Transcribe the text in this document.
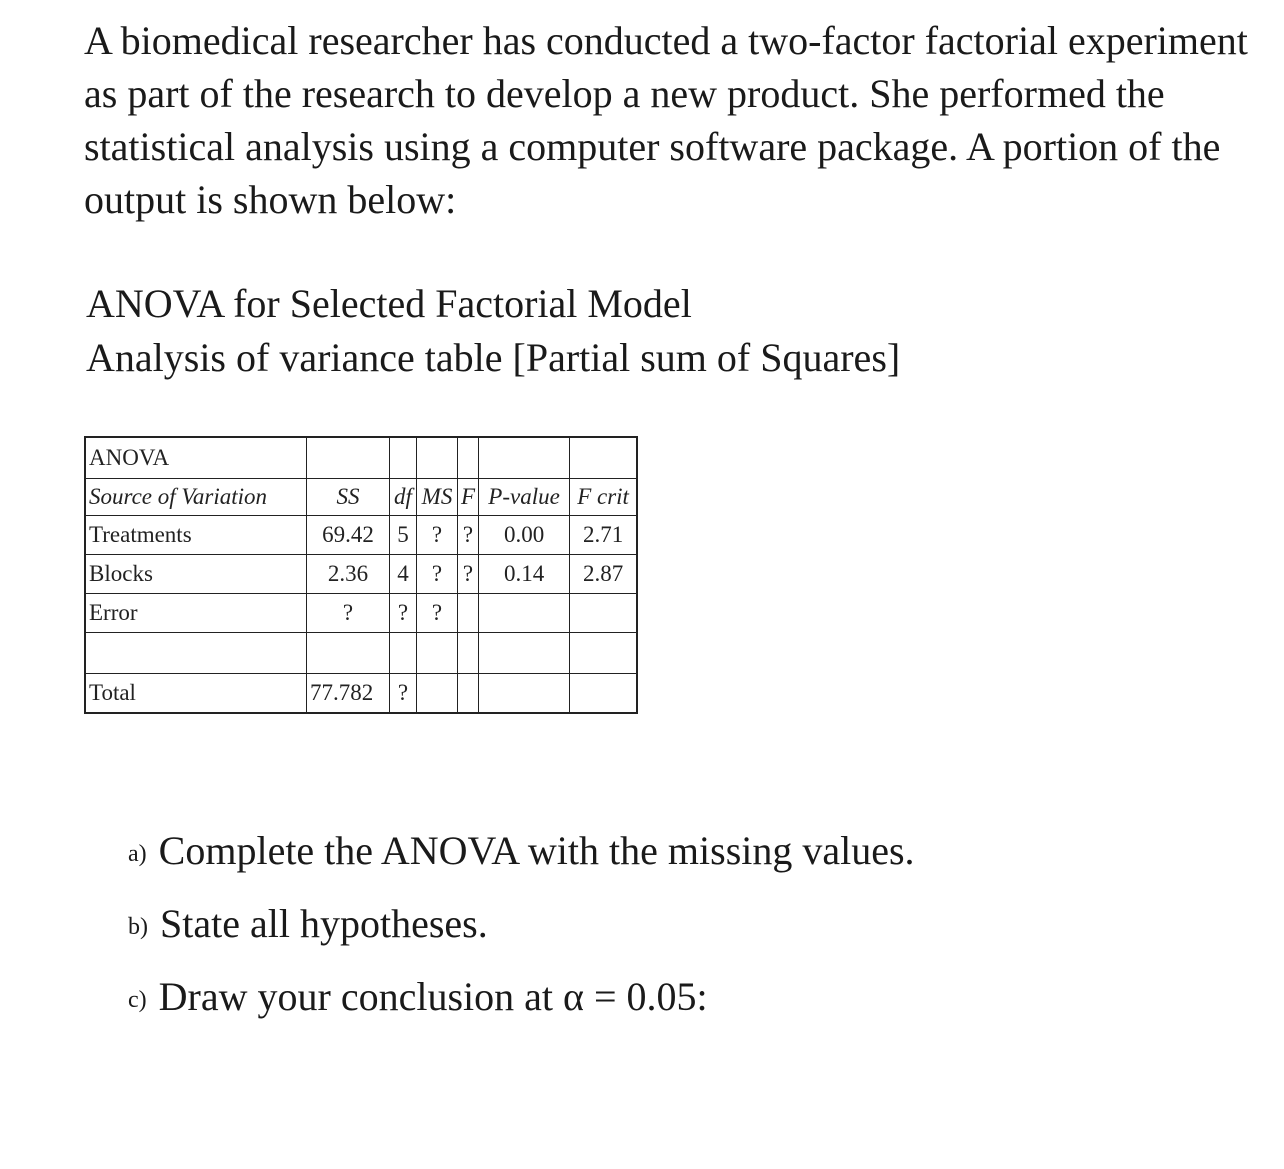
A biomedical researcher has conducted a two-factor factorial experiment as part of the research to develop a new product. She performed the statistical analysis using a computer software package. A portion of the output is shown below:

ANOVA for Selected Factorial Model

Analysis of variance table [Partial sum of Squares]

ANOVA						
Source of Variation	SS	df	MS	F	P-value	F crit
Treatments	69.42	5	?	?	0.00	2.71
Blocks	2.36	4	?	?	0.14	2.87
Error	?	?	?			

Total	77.782	?				

a) Complete the ANOVA with the missing values.

b) State all hypotheses.

c) Draw your conclusion at α = 0.05:
